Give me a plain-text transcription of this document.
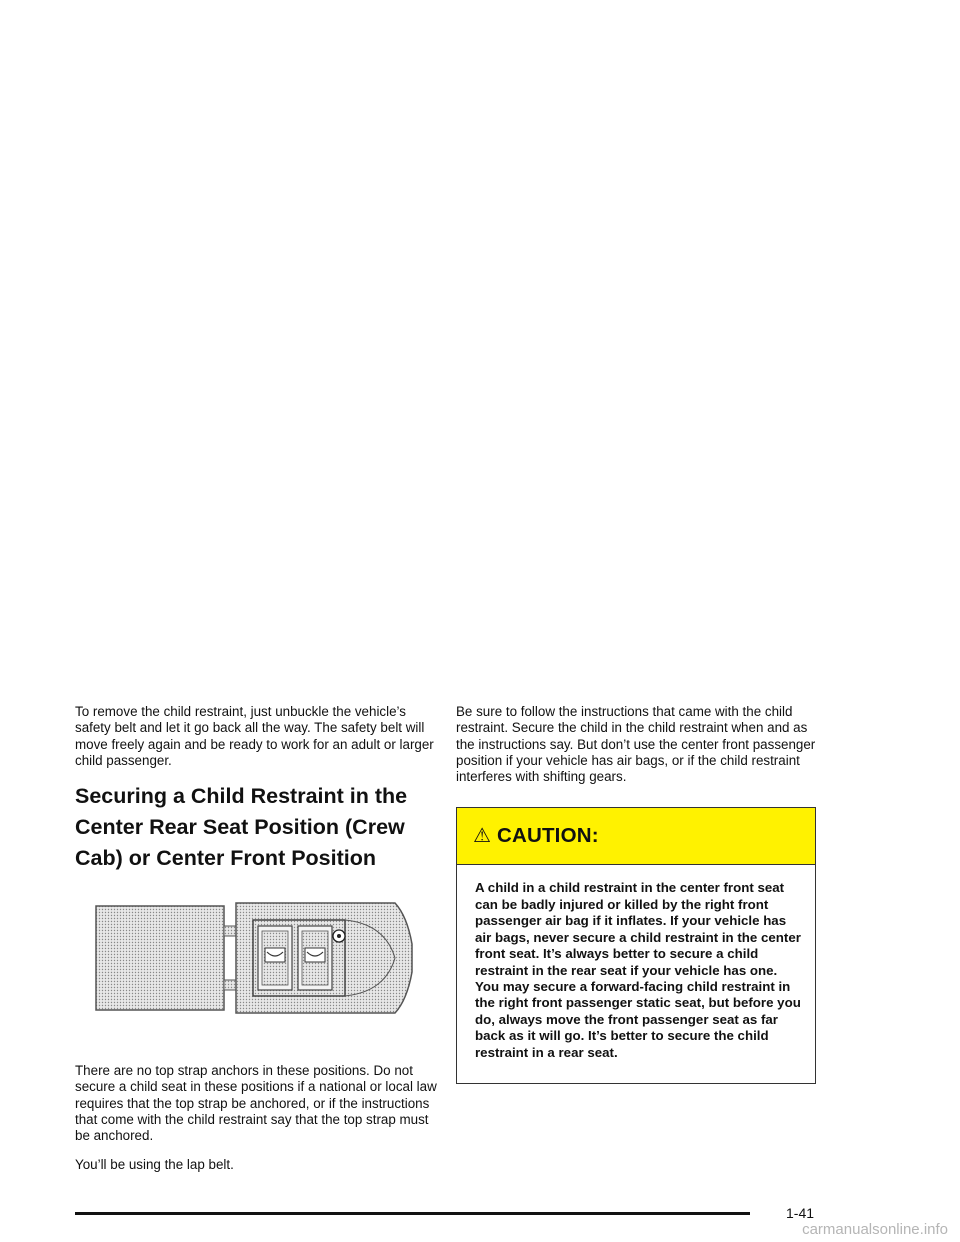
To remove the child restraint, just unbuckle the vehicle’s safety belt and let it go back all the way. The safety belt will move freely again and be ready to work for an adult or larger child passenger.

Securing a Child Restraint in the Center Rear Seat Position (Crew Cab) or Center Front Position

There are no top strap anchors in these positions. Do not secure a child seat in these positions if a national or local law requires that the top strap be anchored, or if the instructions that come with the child restraint say that the top strap must be anchored.

You’ll be using the lap belt.

Be sure to follow the instructions that came with the child restraint. Secure the child in the child restraint when and as the instructions say. But don’t use the center front passenger position if your vehicle has air bags, or if the child restraint interferes with shifting gears.

⚠︎ CAUTION:
A child in a child restraint in the center front seat can be badly injured or killed by the right front passenger air bag if it inflates. If your vehicle has air bags, never secure a child restraint in the center front seat. It’s always better to secure a child restraint in the rear seat if your vehicle has one. You may secure a forward-facing child restraint in the right front passenger static seat, but before you do, always move the front passenger seat as far back as it will go. It’s better to secure the child restraint in a rear seat.
1-41
carmanualsonline.info
